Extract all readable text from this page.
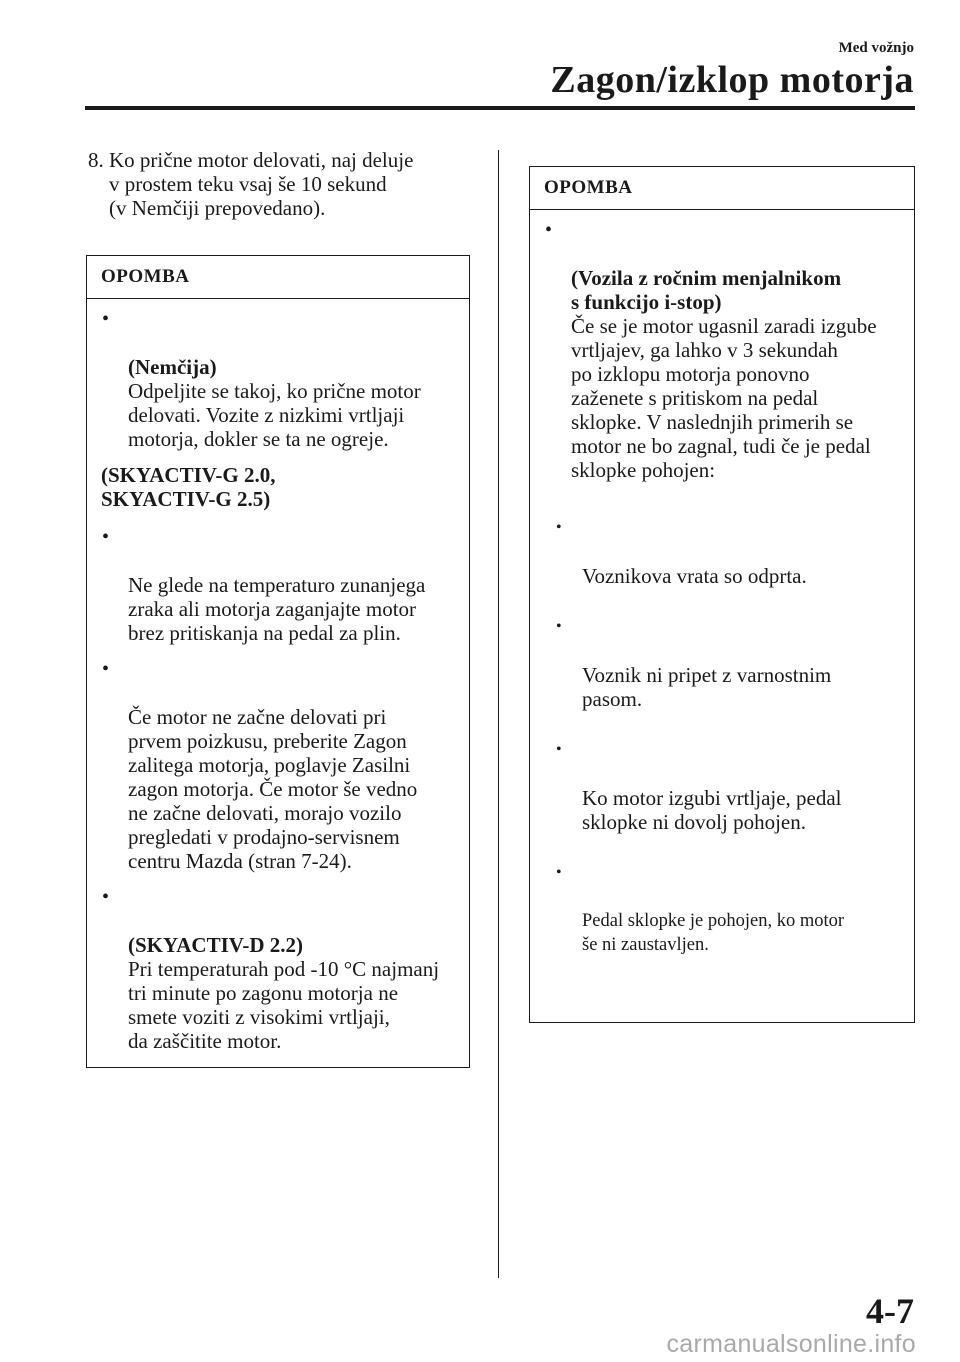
Med vožnjo
Zagon/izklop motorja
8. Ko prične motor delovati, naj deluje
v prostem teku vsaj še 10 sekund
(v Nemčiji prepovedano).
OPOMBA

•

(Nemčija)
Odpeljite se takoj, ko prične motor
delovati. Vozite z nizkimi vrtljaji
motorja, dokler se ta ne ogreje.

(SKYACTIV-G 2.0,
SKYACTIV-G 2.5)

•

Ne glede na temperaturo zunanjega
zraka ali motorja zaganjajte motor
brez pritiskanja na pedal za plin.

•

Če motor ne začne delovati pri
prvem poizkusu, preberite Zagon
zalitega motorja, poglavje Zasilni
zagon motorja. Če motor še vedno
ne začne delovati, morajo vozilo
pregledati v prodajno-servisnem
centru Mazda (stran 7-24).

•

(SKYACTIV-D 2.2)
Pri temperaturah pod -10 °C najmanj
tri minute po zagonu motorja ne
smete voziti z visokimi vrtljaji,
da zaščitite motor.

OPOMBA

•

(Vozila z ročnim menjalnikom
s funkcijo i-stop)
Če se je motor ugasnil zaradi izgube
vrtljajev, ga lahko v 3 sekundah
po izklopu motorja ponovno
zaženete s pritiskom na pedal
sklopke. V naslednjih primerih se
motor ne bo zagnal, tudi če je pedal
sklopke pohojen:

•

Voznikova vrata so odprta.

•

Voznik ni pripet z varnostnim
pasom.

•

Ko motor izgubi vrtljaje, pedal
sklopke ni dovolj pohojen.

•

Pedal sklopke je pohojen, ko motor
še ni zaustavljen.

4-7
carmanualsonline.info
